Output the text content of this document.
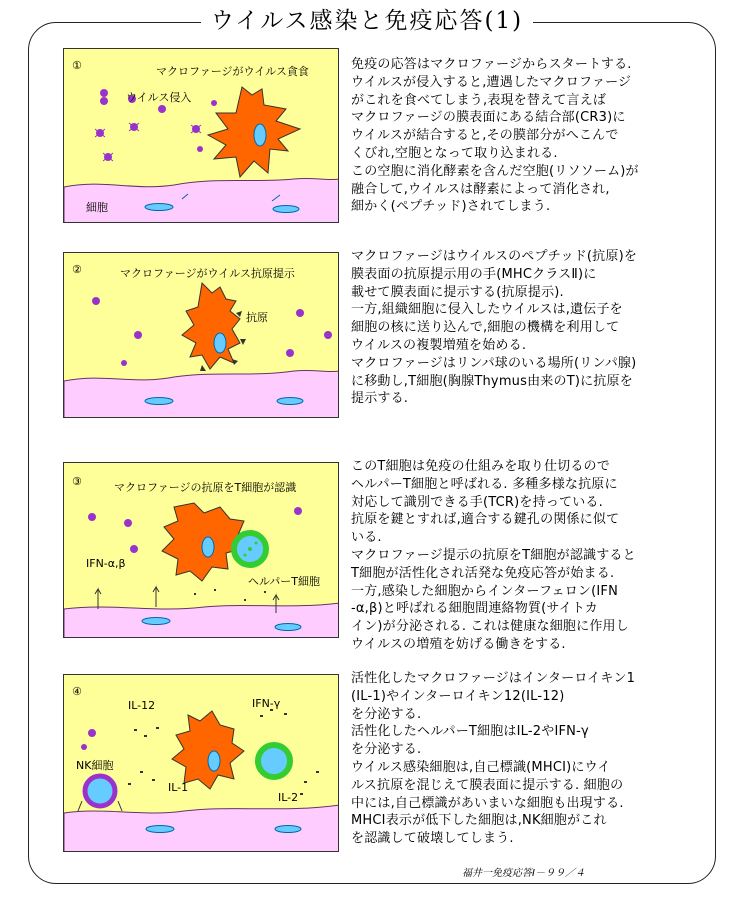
ウイルス感染と免疫応答(1)
①	マクロファージがウイルス貪食
ウイルス侵入
細胞
②	マクロファージがウイルス抗原提示
抗原
③	マクロファージの抗原をT細胞が認識
IFN-α,β
ヘルパーT細胞
④
IL-12	IFN-γ
NK細胞
IL-1
IL-2
免疫の応答はマクロファージからスタートする.
ウイルスが侵入すると,遭遇したマクロファージ
がこれを食べてしまう,表現を替えて言えば
マクロファージの膜表面にある結合部(CR3)に
ウイルスが結合すると,その膜部分がへこんで
くびれ,空胞となって取り込まれる.
この空胞に消化酵素を含んだ空胞(リソソーム)が
融合して,ウイルスは酵素によって消化され,
細かく(ペプチッド)されてしまう.
マクロファージはウイルスのペプチッド(抗原)を
膜表面の抗原提示用の手(MHCクラスⅡ)に
載せて膜表面に提示する(抗原提示).
一方,組織細胞に侵入したウイルスは,遺伝子を
細胞の核に送り込んで,細胞の機構を利用して
ウイルスの複製増殖を始める.
マクロファージはリンパ球のいる場所(リンパ腺)
に移動し,T細胞(胸腺Thymus由来のT)に抗原を
提示する.
このT細胞は免疫の仕組みを取り仕切るので
ヘルパーT細胞と呼ばれる. 多種多様な抗原に
対応して識別できる手(TCR)を持っている.
抗原を鍵とすれば,適合する鍵孔の関係に似て
いる.
マクロファージ提示の抗原をT細胞が認識すると
T細胞が活性化され活発な免疫応答が始まる.
一方,感染した細胞からインターフェロン(IFN
-α,β)と呼ばれる細胞間連絡物質(サイトカ
イン)が分泌される. これは健康な細胞に作用し
ウイルスの増殖を妨げる働きをする.
活性化したマクロファージはインターロイキン1
(IL-1)やインターロイキン12(IL-12)
を分泌する.
活性化したヘルパーT細胞はIL-2やIFN-γ
を分泌する.
ウイルス感染細胞は,自己標識(MHCⅠ)にウイ
ルス抗原を混じえて膜表面に提示する. 細胞の
中には,自己標識があいまいな細胞も出現する.
MHCⅠ表示が低下した細胞は,NK細胞がこれ
を認識して破壊してしまう.
福井一免疫応答Ⅰ－９９／４
